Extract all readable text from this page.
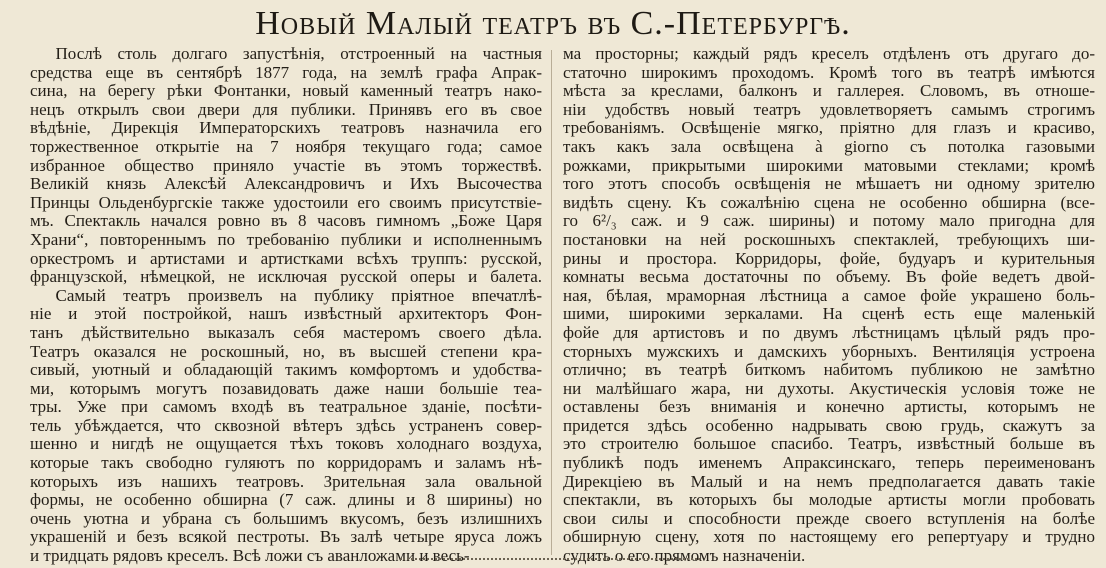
Новый Малый театръ въ С.-Петербургѣ.
  Послѣ столь долгаго запустѣнія, отстроенный на частныя
средства еще въ сентябрѣ 1877 года, на землѣ графа Апрак-
сина, на берегу рѣки Фонтанки, новый каменный театръ нако-
нецъ открылъ свои двери для публики. Принявъ его въ свое
вѣдѣніе, Дирекція Императорскихъ театровъ назначила его
торжественное открытіе на 7 ноября текущаго года; самое
избранное общество приняло участіе въ этомъ торжествѣ.
Великій князь Алексѣй Александровичъ и Ихъ Высочества
Принцы Ольденбургскіе также удостоили его своимъ присутствіе-
мъ. Спектакль начался ровно въ 8 часовъ гимномъ „Боже Царя
Храни“, повтореннымъ по требованію публики и исполненнымъ
оркестромъ и артистами и артистками всѣхъ труппъ: русской,
французской, нѣмецкой, не исключая русской оперы и балета.
  Самый театръ произвелъ на публику пріятное впечатлѣ-
ніе и этой постройкой, нашъ извѣстный архитекторъ Фон-
танъ дѣйствительно выказалъ себя мастеромъ своего дѣла.
Театръ оказался не роскошный, но, въ высшей степени кра-
сивый, уютный и обладающій такимъ комфортомъ и удобства-
ми, которымъ могутъ позавидовать даже наши большіе теа-
тры. Уже при самомъ входѣ въ театральное зданіе, посѣти-
тель убѣждается, что сквозной вѣтеръ здѣсь устраненъ совер-
шенно и нигдѣ не ощущается тѣхъ токовъ холоднаго воздуха,
которые такъ свободно гуляютъ по корридорамъ и заламъ нѣ-
которыхъ изъ нашихъ театровъ. Зрительная зала овальной
формы, не особенно обширна (7 саж. длины и 8 ширины) но
очень уютна и убрана съ большимъ вкусомъ, безъ излишнихъ
украшеній и безъ всякой пестроты. Въ залѣ четыре яруса ложъ
и тридцать рядовъ креселъ. Всѣ ложи съ аванложами и весь-
ма просторны; каждый рядъ креселъ отдѣленъ отъ другаго до-
статочно широкимъ проходомъ. Кромѣ того въ театрѣ имѣются
мѣста за креслами, балконъ и галлерея. Словомъ, въ отноше-
ніи удобствъ новый театръ удовлетворяетъ самымъ строгимъ
требованіямъ. Освѣщеніе мягко, пріятно для глазъ и красиво,
такъ какъ зала освѣщена à giorno съ потолка газовыми
рожками, прикрытыми широкими матовыми стеклами; кромѣ
того этотъ способъ освѣщенія не мѣшаетъ ни одному зрителю
видѣть сцену. Къ сожалѣнію сцена не особенно обширна (все-
го 6²/₃ саж. и 9 саж. ширины) и потому мало пригодна для
постановки на ней роскошныхъ спектаклей, требующихъ ши-
рины и простора. Корридоры, фойе, будуаръ и курительныя
комнаты весьма достаточны по объему. Въ фойе ведетъ двой-
ная, бѣлая, мраморная лѣстница а самое фойе украшено боль-
шими, широкими зеркалами. На сценѣ есть еще маленькій
фойе для артистовъ и по двумъ лѣстницамъ цѣлый рядъ про-
сторныхъ мужскихъ и дамскихъ уборныхъ. Вентиляція устроена
отлично; въ театрѣ биткомъ набитомъ публикою не замѣтно
ни малѣйшаго жара, ни духоты. Акустическія условія тоже не
оставлены безъ вниманія и конечно артисты, которымъ не
придется здѣсь особенно надрывать свою грудь, скажутъ за
это строителю большое спасибо. Театръ, извѣстный больше въ
публикѣ подъ именемъ Апраксинскаго, теперь переименованъ
Дирекціею въ Малый и на немъ предполагается давать такіе
спектакли, въ которыхъ бы молодые артисты могли пробовать
свои силы и способности прежде своего вступленія на болѣе
обширную сцену, хотя по настоящему его репертуару и трудно
судить о его прямомъ назначеніи.
